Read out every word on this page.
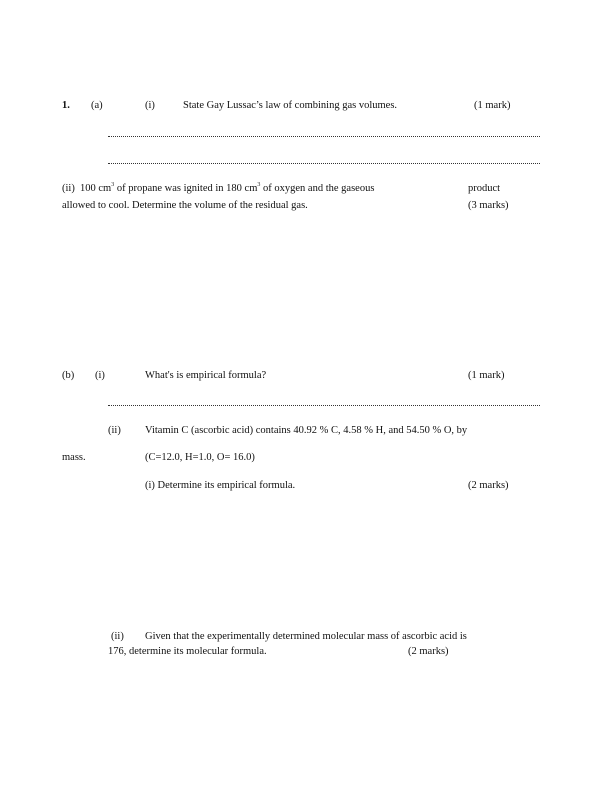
1. (a)	(i)	State Gay Lussac’s law of combining gas volumes.	(1 mark)
(ii) 100 $cm^3$ of propane was ignited in 180 $cm^3$ of oxygen and the gaseous	product
allowed to cool. Determine the volume of the residual gas.	(3 marks)
(b) (i)	What's is empirical formula?	(1 mark)
(ii) Vitamin C (ascorbic acid) contains 40.92 % C, 4.58 % H, and 54.50 % O, by
mass.	(C=12.0, H=1.0, O= 16.0)
(i) Determine its empirical formula.	(2 marks)
(ii) Given that the experimentally determined molecular mass of ascorbic acid is
176, determine its molecular formula.	(2 marks)
